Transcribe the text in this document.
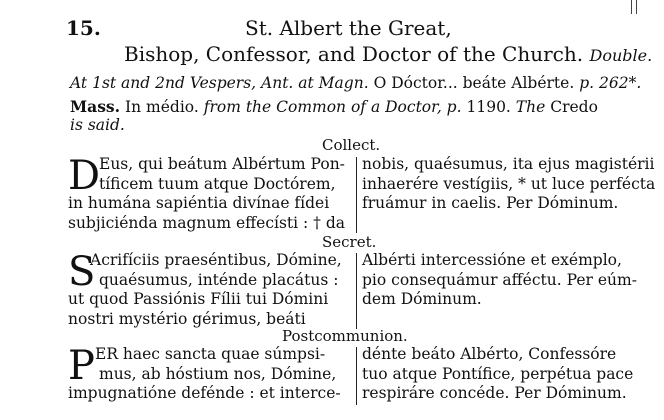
15.	St. Albert the Great,
Bishop, Confessor, and Doctor of the Church. Double.
At 1st and 2nd Vespers, Ant. at Magn. O Dóctor... beáte Albérte. p. 262*.
Mass. In médio. from the Common of a Doctor, p. 1190. The Credo
is said.
Collect.
D
Eus, qui beátum Albértum Pon-
tíficem tuum atque Doctórem,
in humána sapiéntia divínae fídei
subjiciénda magnum effecísti : † da
nobis, quaésumus, ita ejus magistérii
inhaerére vestígiis, * ut luce perfécta
fruámur in caelis. Per Dóminum.
Secret.
S
Acrifíciis praeséntibus, Dómine,
quaésumus, inténde placátus :
ut quod Passiónis Fílii tui Dómini
nostri mystério gérimus, beáti
Albérti intercessióne et exémplo,
pio consequámur afféctu. Per eúm-
dem Dóminum.
Postcommunion.
P ER haec sancta quae súmpsi-
mus, ab hóstium nos, Dómine,
impugnatióne defénde : et interce-
dénte beáto Albérto, Confessóre
tuo atque Pontífice, perpétua pace
respiráre concéde. Per Dóminum.
